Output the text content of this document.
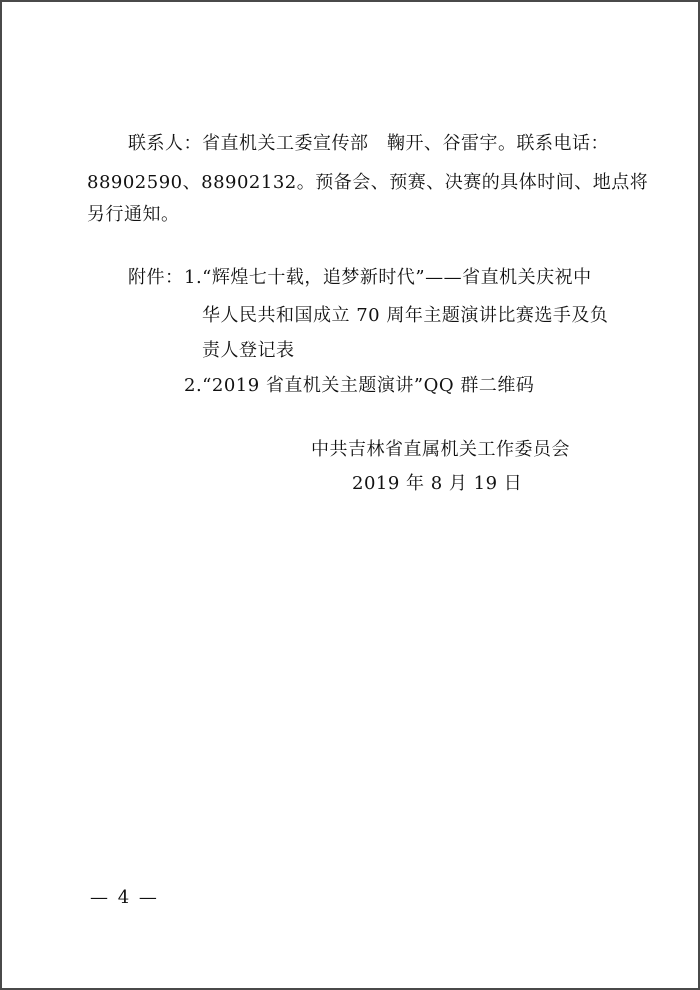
联系人：省直机关工委宣传部　鞠开、谷雷宇。联系电话：
88902590、88902132。预备会、预赛、决赛的具体时间、地点将
另行通知。
附件： 1.“辉煌七十载，追梦新时代”——省直机关庆祝中
华人民共和国成立 70 周年主题演讲比赛选手及负
责人登记表
2.“2019 省直机关主题演讲”QQ 群二维码
中共吉林省直属机关工作委员会
2019 年 8 月 19 日
— 4 —
